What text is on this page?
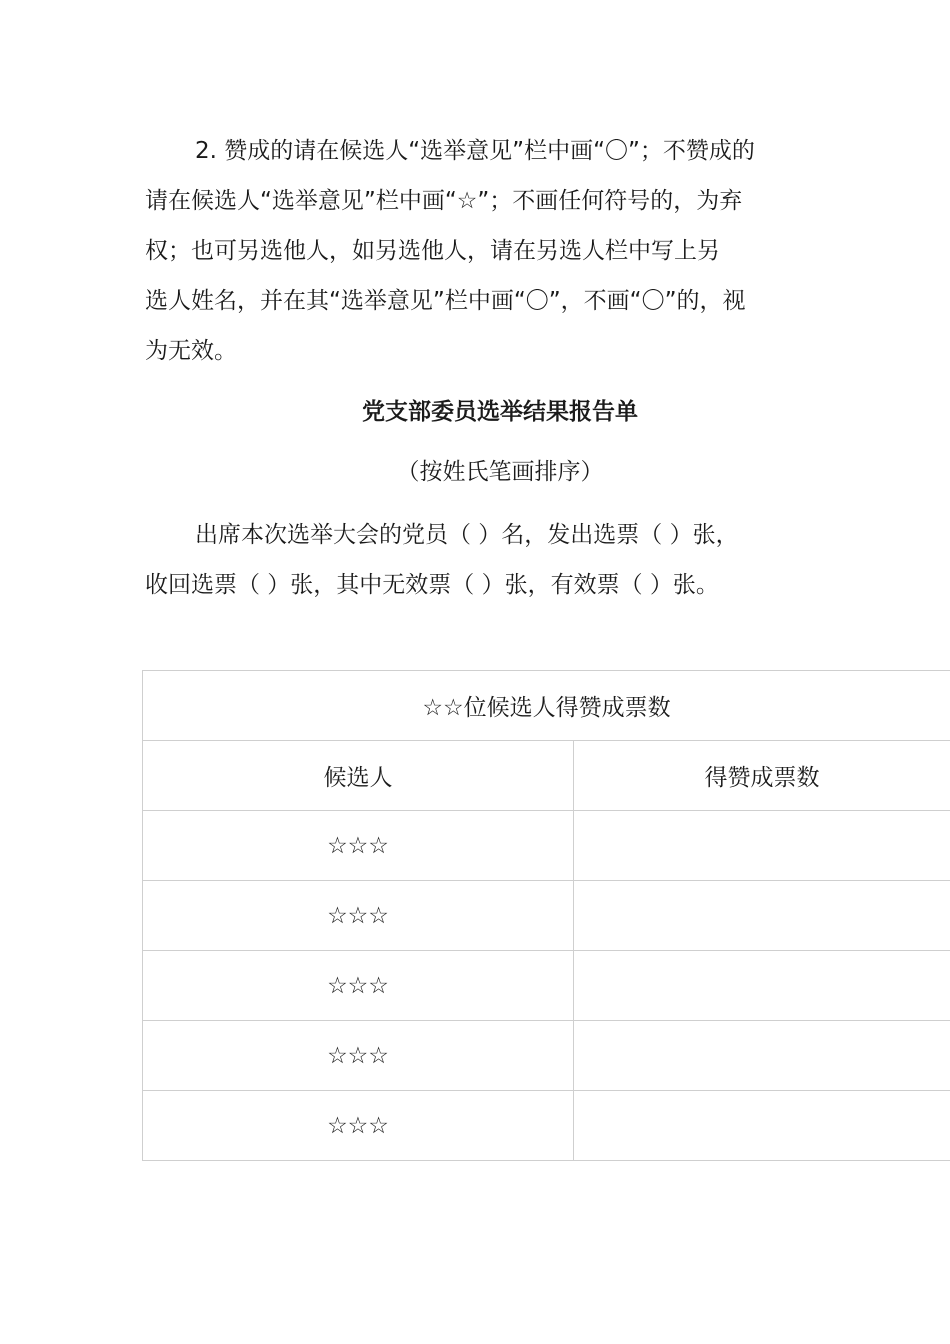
2. 赞成的请在候选人“选举意见”栏中画“〇”；不赞成的
请在候选人“选举意见”栏中画“☆”；不画任何符号的，为弃
权；也可另选他人，如另选他人，请在另选人栏中写上另
选人姓名，并在其“选举意见”栏中画“〇”，不画“〇”的，视
为无效。
党支部委员选举结果报告单
（按姓氏笔画排序）
出席本次选举大会的党员（ ）名，发出选票（ ）张，
收回选票（ ）张，其中无效票（ ）张，有效票（ ）张。
☆☆位候选人得赞成票数	
候选人	得赞成票数
☆☆☆	
☆☆☆	
☆☆☆	
☆☆☆	
☆☆☆	
